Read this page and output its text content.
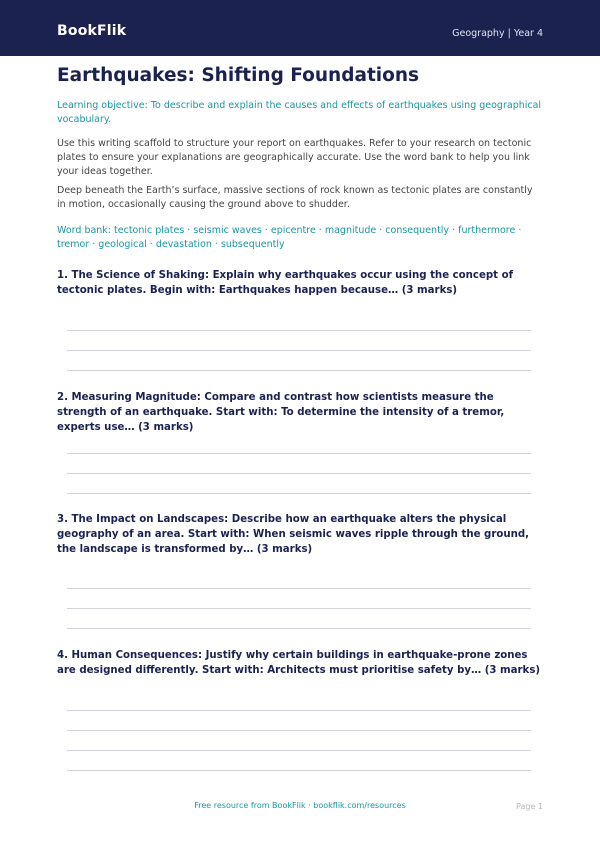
BookFlik	Geography | Year 4
Earthquakes: Shifting Foundations

Learning objective: To describe and explain the causes and effects of earthquakes using geographical vocabulary.

Use this writing scaffold to structure your report on earthquakes. Refer to your research on tectonic plates to ensure your explanations are geographically accurate. Use the word bank to help you link your ideas together.

Deep beneath the Earth’s surface, massive sections of rock known as tectonic plates are constantly in motion, occasionally causing the ground above to shudder.

Word bank: tectonic plates · seismic waves · epicentre · magnitude · consequently · furthermore · tremor · geological · devastation · subsequently

1. The Science of Shaking: Explain why earthquakes occur using the concept of tectonic plates. Begin with: Earthquakes happen because… (3 marks)

2. Measuring Magnitude: Compare and contrast how scientists measure the strength of an earthquake. Start with: To determine the intensity of a tremor, experts use… (3 marks)

3. The Impact on Landscapes: Describe how an earthquake alters the physical geography of an area. Start with: When seismic waves ripple through the ground, the landscape is transformed by… (3 marks)

4. Human Consequences: Justify why certain buildings in earthquake-prone zones are designed differently. Start with: Architects must prioritise safety by… (3 marks)

Free resource from BookFlik · bookflik.com/resources	Page 1
